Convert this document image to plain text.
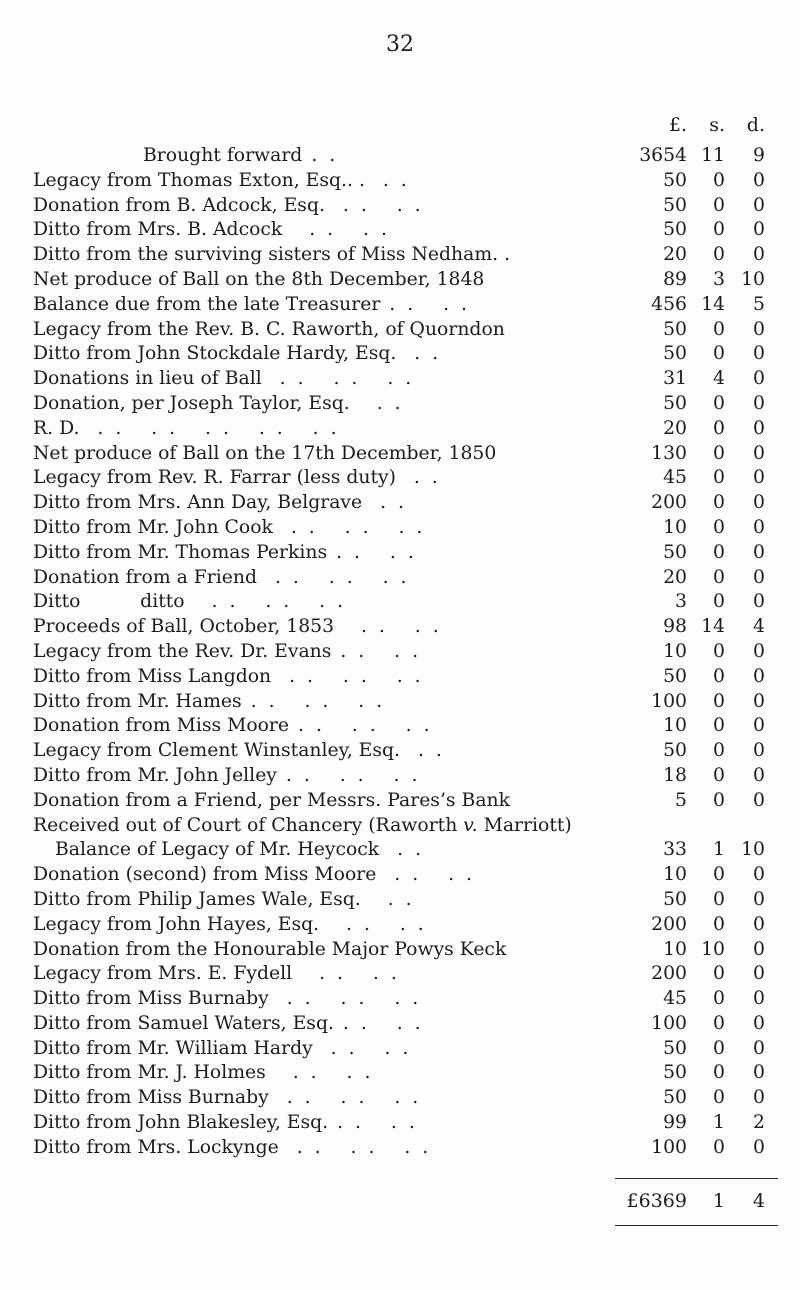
32
£. s. d.
Brought forward . .	3654 11 9
Legacy from Thomas Exton, Esq.. .  . .	50 0 0
Donation from B. Adcock, Esq.  . .   . .	50 0 0
Ditto from Mrs. B. Adcock   . .   . .	50 0 0
Ditto from the surviving sisters of Miss Nedham. .	20 0 0
Net produce of Ball on the 8th December, 1848	89 3 10
Balance due from the late Treasurer . .   . .	456 14 5
Legacy from the Rev. B. C. Raworth, of Quorndon	50 0 0
Ditto from John Stockdale Hardy, Esq.  . .	50 0 0
Donations in lieu of Ball  . .   . .   . .	31 4 0
Donation, per Joseph Taylor, Esq.   . .	50 0 0
R. D.  . .   . .   . .   . .   . .	20 0 0
Net produce of Ball on the 17th December, 1850	130 0 0
Legacy from Rev. R. Farrar (less duty)  . .	45 0 0
Ditto from Mrs. Ann Day, Belgrave  . .	200 0 0
Ditto from Mr. John Cook  . .   . .   . .	10 0 0
Ditto from Mr. Thomas Perkins . .   . .	50 0 0
Donation from a Friend  . .   . .   . .	20 0 0
Ditto          ditto   . .   . .   . .	3 0 0
Proceeds of Ball, October, 1853   . .   . .	98 14 4
Legacy from the Rev. Dr. Evans . .   . .	10 0 0
Ditto from Miss Langdon  . .   . .   . .	50 0 0
Ditto from Mr. Hames . .   . .   . .	100 0 0
Donation from Miss Moore . .   . .   . .	10 0 0
Legacy from Clement Winstanley, Esq.  . .	50 0 0
Ditto from Mr. John Jelley . .   . .   . .	18 0 0
Donation from a Friend, per Messrs. Pares’s Bank	5 0 0
Received out of Court of Chancery (Raworth v. Marriott)
Balance of Legacy of Mr. Heycock  . .	33 1 10
Donation (second) from Miss Moore  . .   . .	10 0 0
Ditto from Philip James Wale, Esq.   . .	50 0 0
Legacy from John Hayes, Esq.   . .   . .	200 0 0
Donation from the Honourable Major Powys Keck	10 10 0
Legacy from Mrs. E. Fydell   . .   . .	200 0 0
Ditto from Miss Burnaby  . .   . .   . .	45 0 0
Ditto from Samuel Waters, Esq. . .   . .	100 0 0
Ditto from Mr. William Hardy  . .   . .	50 0 0
Ditto from Mr. J. Holmes   . .   . .	50 0 0
Ditto from Miss Burnaby  . .   . .   . .	50 0 0
Ditto from John Blakesley, Esq. . .   . .	99 1 2
Ditto from Mrs. Lockynge  . .   . .   . .	100 0 0
£6369 1 4
